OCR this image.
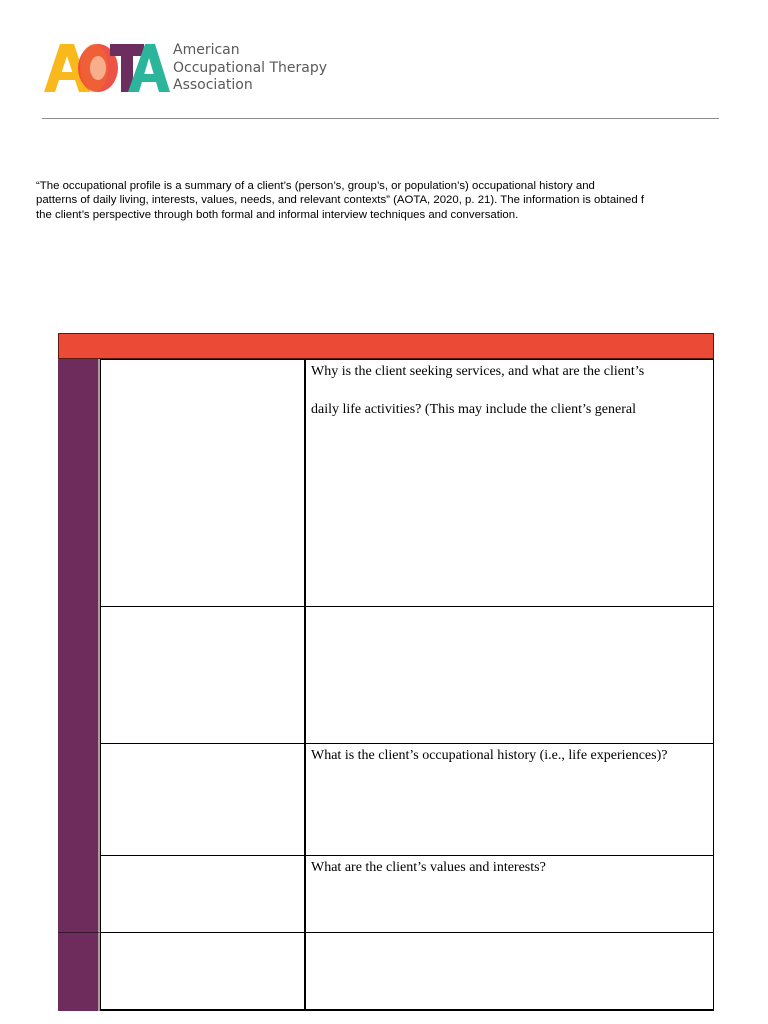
American
Occupational Therapy
Association
“The occupational profile is a summary of a client’s (person’s, group’s, or population’s) occupational history and
patterns of daily living, interests, values, needs, and relevant contexts” (AOTA, 2020, p. 21). The information is obtained f
the client’s perspective through both formal and informal interview techniques and conversation.
Why is the client seeking services, and what are the client’s
daily life activities? (This may include the client’s general
What is the client’s occupational history (i.e., life experiences)?
What are the client’s values and interests?
